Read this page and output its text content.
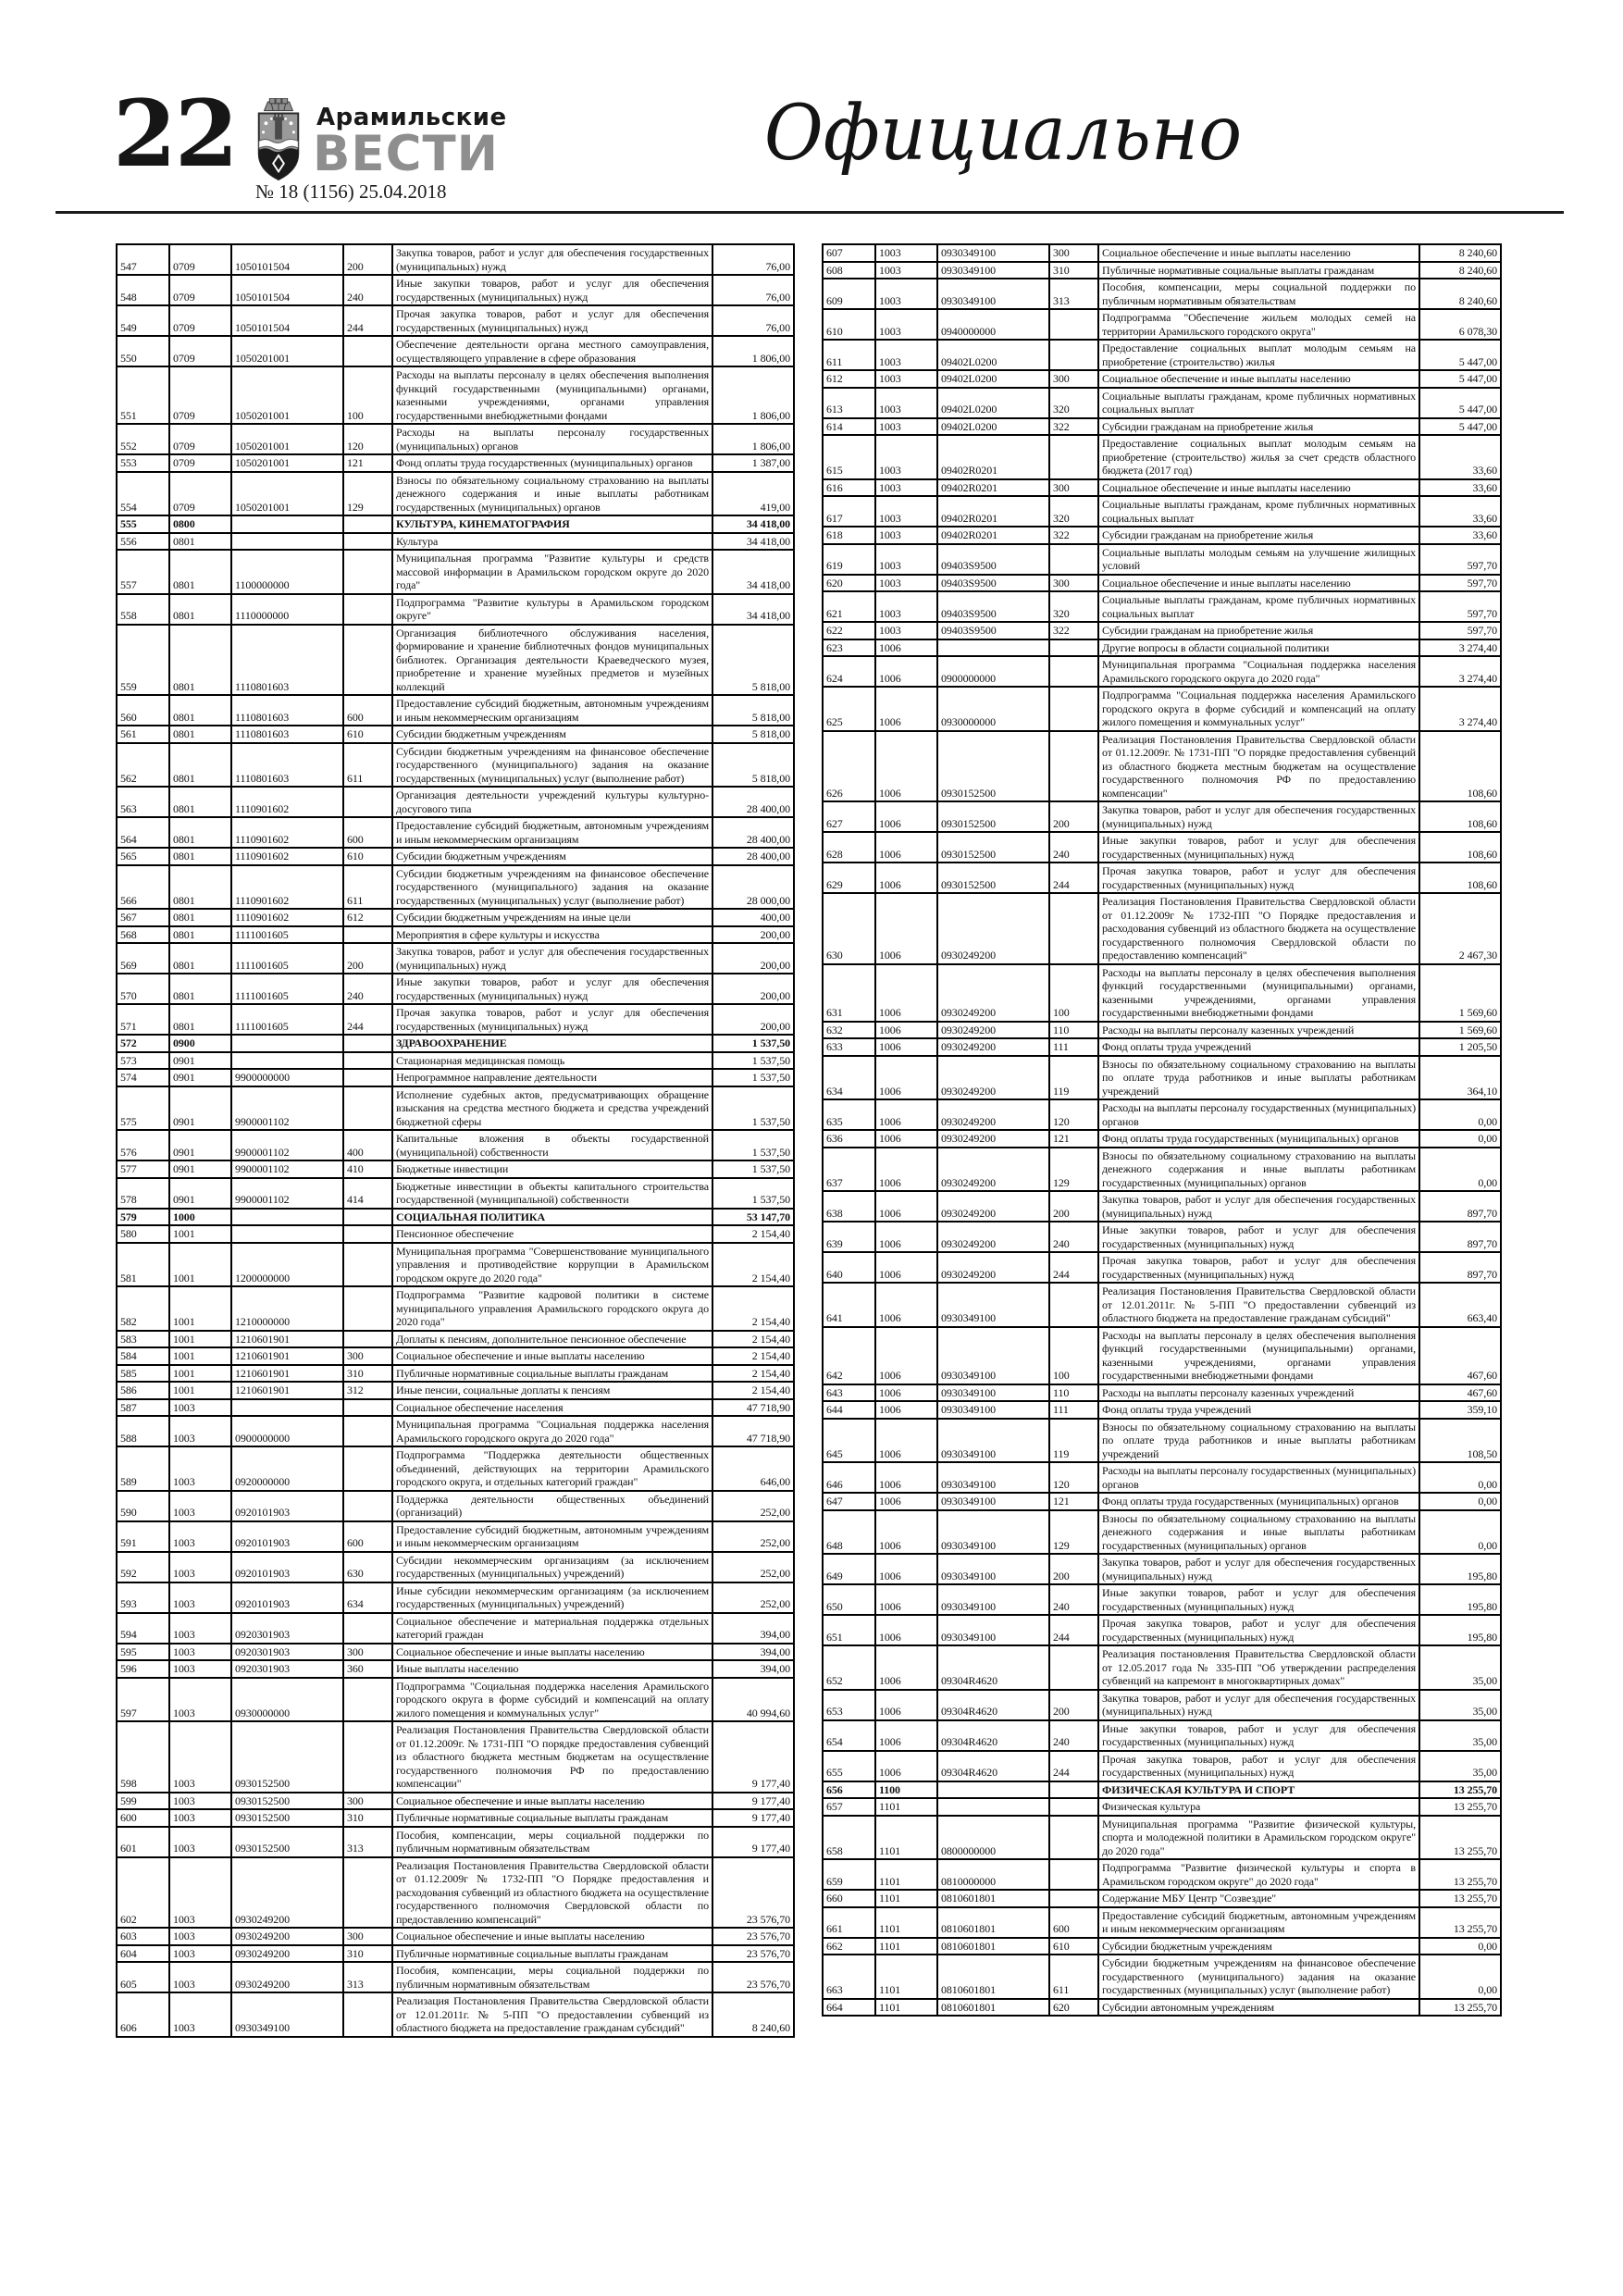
22	Арамильские
ВЕСТИ
№ 18 (1156) 25.04.2018
Официально
547	0709	1050101504	200	Закупка товаров, работ и услуг для обеспечения государственных (муниципальных) нужд	76,00
548	0709	1050101504	240	Иные закупки товаров, работ и услуг для обеспечения государственных (муниципальных) нужд	76,00
549	0709	1050101504	244	Прочая закупка товаров, работ и услуг для обеспечения государственных (муниципальных) нужд	76,00
550	0709	1050201001		Обеспечение деятельности органа местного самоуправления, осуществляющего управление в сфере образования	1 806,00
551	0709	1050201001	100	Расходы на выплаты персоналу в целях обеспечения выполнения функций государственными (муниципальными) органами, казенными учреждениями, органами управления государственными внебюджетными фондами	1 806,00
552	0709	1050201001	120	Расходы на выплаты персоналу государственных (муниципальных) органов	1 806,00
553	0709	1050201001	121	Фонд оплаты труда государственных (муниципальных) органов	1 387,00
554	0709	1050201001	129	Взносы по обязательному социальному страхованию на выплаты денежного содержания и иные выплаты работникам государственных (муниципальных) органов	419,00
555	0800			КУЛЬТУРА, КИНЕМАТОГРАФИЯ	34 418,00
556	0801			Культура	34 418,00
557	0801	1100000000		Муниципальная программа "Развитие культуры и средств массовой информации в Арамильском городском округе до 2020 года"	34 418,00
558	0801	1110000000		Подпрограмма "Развитие культуры в Арамильском городском округе"	34 418,00
559	0801	1110801603		Организация библиотечного обслуживания населения, формирование и хранение библиотечных фондов муниципальных библиотек. Организация деятельности Краеведческого музея, приобретение и хранение музейных предметов и музейных коллекций	5 818,00
560	0801	1110801603	600	Предоставление субсидий бюджетным, автономным учреждениям и иным некоммерческим организациям	5 818,00
561	0801	1110801603	610	Субсидии бюджетным учреждениям	5 818,00
562	0801	1110801603	611	Субсидии бюджетным учреждениям на финансовое обеспечение государственного (муниципального) задания на оказание государственных (муниципальных) услуг (выполнение работ)	5 818,00
563	0801	1110901602		Организация деятельности учреждений культуры культурно-досугового типа	28 400,00
564	0801	1110901602	600	Предоставление субсидий бюджетным, автономным учреждениям и иным некоммерческим организациям	28 400,00
565	0801	1110901602	610	Субсидии бюджетным учреждениям	28 400,00
566	0801	1110901602	611	Субсидии бюджетным учреждениям на финансовое обеспечение государственного (муниципального) задания на оказание государственных (муниципальных) услуг (выполнение работ)	28 000,00
567	0801	1110901602	612	Субсидии бюджетным учреждениям на иные цели	400,00
568	0801	1111001605		Мероприятия в сфере культуры и искусства	200,00
569	0801	1111001605	200	Закупка товаров, работ и услуг для обеспечения государственных (муниципальных) нужд	200,00
570	0801	1111001605	240	Иные закупки товаров, работ и услуг для обеспечения государственных (муниципальных) нужд	200,00
571	0801	1111001605	244	Прочая закупка товаров, работ и услуг для обеспечения государственных (муниципальных) нужд	200,00
572	0900			ЗДРАВООХРАНЕНИЕ	1 537,50
573	0901			Стационарная медицинская помощь	1 537,50
574	0901	9900000000		Непрограммное направление деятельности	1 537,50
575	0901	9900001102		Исполнение судебных актов, предусматривающих обращение взыскания на средства местного бюджета и средства учреждений бюджетной сферы	1 537,50
576	0901	9900001102	400	Капитальные вложения в объекты государственной (муниципальной) собственности	1 537,50
577	0901	9900001102	410	Бюджетные инвестиции	1 537,50
578	0901	9900001102	414	Бюджетные инвестиции в объекты капитального строительства государственной (муниципальной) собственности	1 537,50
579	1000			СОЦИАЛЬНАЯ ПОЛИТИКА	53 147,70
580	1001			Пенсионное обеспечение	2 154,40
581	1001	1200000000		Муниципальная программа "Совершенствование муниципального управления и противодействие коррупции в Арамильском городском округе до 2020 года"	2 154,40
582	1001	1210000000		Подпрограмма "Развитие кадровой политики в системе муниципального управления Арамильского городского округа до 2020 года"	2 154,40
583	1001	1210601901		Доплаты к пенсиям, дополнительное пенсионное обеспечение	2 154,40
584	1001	1210601901	300	Социальное обеспечение и иные выплаты населению	2 154,40
585	1001	1210601901	310	Публичные нормативные социальные выплаты гражданам	2 154,40
586	1001	1210601901	312	Иные пенсии, социальные доплаты к пенсиям	2 154,40
587	1003			Социальное обеспечение населения	47 718,90
588	1003	0900000000		Муниципальная программа "Социальная поддержка населения Арамильского городского округа до 2020 года"	47 718,90
589	1003	0920000000		Подпрограмма "Поддержка деятельности общественных объединений, действующих на территории Арамильского городского округа, и отдельных категорий граждан"	646,00
590	1003	0920101903		Поддержка деятельности общественных объединений (организаций)	252,00
591	1003	0920101903	600	Предоставление субсидий бюджетным, автономным учреждениям и иным некоммерческим организациям	252,00
592	1003	0920101903	630	Субсидии некоммерческим организациям (за исключением государственных (муниципальных) учреждений)	252,00
593	1003	0920101903	634	Иные субсидии некоммерческим организациям (за исключением государственных (муниципальных) учреждений)	252,00
594	1003	0920301903		Социальное обеспечение и материальная поддержка отдельных категорий граждан	394,00
595	1003	0920301903	300	Социальное обеспечение и иные выплаты населению	394,00
596	1003	0920301903	360	Иные выплаты населению	394,00
597	1003	0930000000		Подпрограмма "Социальная поддержка населения Арамильского городского округа в форме субсидий и компенсаций на оплату жилого помещения и коммунальных услуг"	40 994,60
598	1003	0930152500		Реализация Постановления Правительства Свердловской области от 01.12.2009г. № 1731-ПП "О порядке предоставления субвенций из областного бюджета местным бюджетам на осуществление государственного полномочия РФ по предоставлению компенсации"	9 177,40
599	1003	0930152500	300	Социальное обеспечение и иные выплаты населению	9 177,40
600	1003	0930152500	310	Публичные нормативные социальные выплаты гражданам	9 177,40
601	1003	0930152500	313	Пособия, компенсации, меры социальной поддержки по публичным нормативным обязательствам	9 177,40
602	1003	0930249200		Реализация Постановления Правительства Свердловской области от 01.12.2009г № 1732-ПП "О Порядке предоставления и расходования субвенций из областного бюджета на осуществление государственного полномочия Свердловской области по предоставлению компенсаций"	23 576,70
603	1003	0930249200	300	Социальное обеспечение и иные выплаты населению	23 576,70
604	1003	0930249200	310	Публичные нормативные социальные выплаты гражданам	23 576,70
605	1003	0930249200	313	Пособия, компенсации, меры социальной поддержки по публичным нормативным обязательствам	23 576,70
606	1003	0930349100		Реализация Постановления Правительства Свердловской области от 12.01.2011г. № 5-ПП "О предоставлении субвенций из областного бюджета на предоставление гражданам субсидий"	8 240,60
607	1003	0930349100	300	Социальное обеспечение и иные выплаты населению	8 240,60
608	1003	0930349100	310	Публичные нормативные социальные выплаты гражданам	8 240,60
609	1003	0930349100	313	Пособия, компенсации, меры социальной поддержки по публичным нормативным обязательствам	8 240,60
610	1003	0940000000		Подпрограмма "Обеспечение жильем молодых семей на территории Арамильского городского округа"	6 078,30
611	1003	09402L0200		Предоставление социальных выплат молодым семьям на приобретение (строительство) жилья	5 447,00
612	1003	09402L0200	300	Социальное обеспечение и иные выплаты населению	5 447,00
613	1003	09402L0200	320	Социальные выплаты гражданам, кроме публичных нормативных социальных выплат	5 447,00
614	1003	09402L0200	322	Субсидии гражданам на приобретение жилья	5 447,00
615	1003	09402R0201		Предоставление социальных выплат молодым семьям на приобретение (строительство) жилья за счет средств областного бюджета (2017 год)	33,60
616	1003	09402R0201	300	Социальное обеспечение и иные выплаты населению	33,60
617	1003	09402R0201	320	Социальные выплаты гражданам, кроме публичных нормативных социальных выплат	33,60
618	1003	09402R0201	322	Субсидии гражданам на приобретение жилья	33,60
619	1003	09403S9500		Социальные выплаты молодым семьям на улучшение жилищных условий	597,70
620	1003	09403S9500	300	Социальное обеспечение и иные выплаты населению	597,70
621	1003	09403S9500	320	Социальные выплаты гражданам, кроме публичных нормативных социальных выплат	597,70
622	1003	09403S9500	322	Субсидии гражданам на приобретение жилья	597,70
623	1006			Другие вопросы в области социальной политики	3 274,40
624	1006	0900000000		Муниципальная программа "Социальная поддержка населения Арамильского городского округа до 2020 года"	3 274,40
625	1006	0930000000		Подпрограмма "Социальная поддержка населения Арамильского городского округа в форме субсидий и компенсаций на оплату жилого помещения и коммунальных услуг"	3 274,40
626	1006	0930152500		Реализация Постановления Правительства Свердловской области от 01.12.2009г. № 1731-ПП "О порядке предоставления субвенций из областного бюджета местным бюджетам на осуществление государственного полномочия РФ по предоставлению компенсации"	108,60
627	1006	0930152500	200	Закупка товаров, работ и услуг для обеспечения государственных (муниципальных) нужд	108,60
628	1006	0930152500	240	Иные закупки товаров, работ и услуг для обеспечения государственных (муниципальных) нужд	108,60
629	1006	0930152500	244	Прочая закупка товаров, работ и услуг для обеспечения государственных (муниципальных) нужд	108,60
630	1006	0930249200		Реализация Постановления Правительства Свердловской области от 01.12.2009г № 1732-ПП "О Порядке предоставления и расходования субвенций из областного бюджета на осуществление государственного полномочия Свердловской области по предоставлению компенсаций"	2 467,30
631	1006	0930249200	100	Расходы на выплаты персоналу в целях обеспечения выполнения функций государственными (муниципальными) органами, казенными учреждениями, органами управления государственными внебюджетными фондами	1 569,60
632	1006	0930249200	110	Расходы на выплаты персоналу казенных учреждений	1 569,60
633	1006	0930249200	111	Фонд оплаты труда учреждений	1 205,50
634	1006	0930249200	119	Взносы по обязательному социальному страхованию на выплаты по оплате труда работников и иные выплаты работникам учреждений	364,10
635	1006	0930249200	120	Расходы на выплаты персоналу государственных (муниципальных) органов	0,00
636	1006	0930249200	121	Фонд оплаты труда государственных (муниципальных) органов	0,00
637	1006	0930249200	129	Взносы по обязательному социальному страхованию на выплаты денежного содержания и иные выплаты работникам государственных (муниципальных) органов	0,00
638	1006	0930249200	200	Закупка товаров, работ и услуг для обеспечения государственных (муниципальных) нужд	897,70
639	1006	0930249200	240	Иные закупки товаров, работ и услуг для обеспечения государственных (муниципальных) нужд	897,70
640	1006	0930249200	244	Прочая закупка товаров, работ и услуг для обеспечения государственных (муниципальных) нужд	897,70
641	1006	0930349100		Реализация Постановления Правительства Свердловской области от 12.01.2011г. № 5-ПП "О предоставлении субвенций из областного бюджета на предоставление гражданам субсидий"	663,40
642	1006	0930349100	100	Расходы на выплаты персоналу в целях обеспечения выполнения функций государственными (муниципальными) органами, казенными учреждениями, органами управления государственными внебюджетными фондами	467,60
643	1006	0930349100	110	Расходы на выплаты персоналу казенных учреждений	467,60
644	1006	0930349100	111	Фонд оплаты труда учреждений	359,10
645	1006	0930349100	119	Взносы по обязательному социальному страхованию на выплаты по оплате труда работников и иные выплаты работникам учреждений	108,50
646	1006	0930349100	120	Расходы на выплаты персоналу государственных (муниципальных) органов	0,00
647	1006	0930349100	121	Фонд оплаты труда государственных (муниципальных) органов	0,00
648	1006	0930349100	129	Взносы по обязательному социальному страхованию на выплаты денежного содержания и иные выплаты работникам государственных (муниципальных) органов	0,00
649	1006	0930349100	200	Закупка товаров, работ и услуг для обеспечения государственных (муниципальных) нужд	195,80
650	1006	0930349100	240	Иные закупки товаров, работ и услуг для обеспечения государственных (муниципальных) нужд	195,80
651	1006	0930349100	244	Прочая закупка товаров, работ и услуг для обеспечения государственных (муниципальных) нужд	195,80
652	1006	09304R4620		Реализация постановления Правительства Свердловской области от 12.05.2017 года № 335-ПП "Об утверждении распределения субвенций на капремонт в многоквартирных домах"	35,00
653	1006	09304R4620	200	Закупка товаров, работ и услуг для обеспечения государственных (муниципальных) нужд	35,00
654	1006	09304R4620	240	Иные закупки товаров, работ и услуг для обеспечения государственных (муниципальных) нужд	35,00
655	1006	09304R4620	244	Прочая закупка товаров, работ и услуг для обеспечения государственных (муниципальных) нужд	35,00
656	1100			ФИЗИЧЕСКАЯ КУЛЬТУРА И СПОРТ	13 255,70
657	1101			Физическая культура	13 255,70
658	1101	0800000000		Муниципальная программа "Развитие физической культуры, спорта и молодежной политики в Арамильском городском округе" до 2020 года"	13 255,70
659	1101	0810000000		Подпрограмма "Развитие физической культуры и спорта в Арамильском городском округе" до 2020 года"	13 255,70
660	1101	0810601801		Содержание МБУ Центр "Созвездие"	13 255,70
661	1101	0810601801	600	Предоставление субсидий бюджетным, автономным учреждениям и иным некоммерческим организациям	13 255,70
662	1101	0810601801	610	Субсидии бюджетным учреждениям	0,00
663	1101	0810601801	611	Субсидии бюджетным учреждениям на финансовое обеспечение государственного (муниципального) задания на оказание государственных (муниципальных) услуг (выполнение работ)	0,00
664	1101	0810601801	620	Субсидии автономным учреждениям	13 255,70
